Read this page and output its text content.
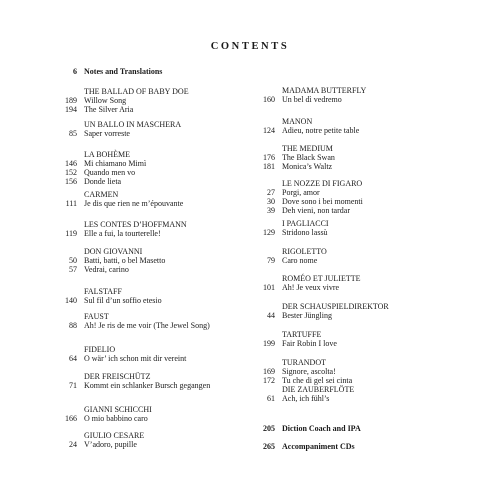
CONTENTS
6 Notes and Translations
THE BALLAD OF BABY DOE
189 Willow Song
194 The Silver Aria
UN BALLO IN MASCHERA
85 Saper vorreste
LA BOHÈME
146 Mi chiamano Mimì
152 Quando men vo
156 Donde lieta
CARMEN
111 Je dis que rien ne m’épouvante
LES CONTES D’HOFFMANN
119 Elle a fui, la tourterelle!
DON GIOVANNI
50 Batti, batti, o bel Masetto
57 Vedrai, carino
FALSTAFF
140 Sul fil d’un soffio etesio
FAUST
88 Ah! Je ris de me voir (The Jewel Song)
FIDELIO
64 O wär’ ich schon mit dir vereint
DER FREISCHÜTZ
71 Kommt ein schlanker Bursch gegangen
GIANNI SCHICCHI
166 O mio babbino caro
GIULIO CESARE
24 V’adoro, pupille
MADAMA BUTTERFLY
160 Un bel dì vedremo
MANON
124 Adieu, notre petite table
THE MEDIUM
176 The Black Swan
181 Monica’s Waltz
LE NOZZE DI FIGARO
27 Porgi, amor
30 Dove sono i bei momenti
39 Deh vieni, non tardar
I PAGLIACCI
129 Stridono lassù
RIGOLETTO
79 Caro nome
ROMÉO ET JULIETTE
101 Ah! Je veux vivre
DER SCHAUSPIELDIREKTOR
44 Bester Jüngling
TARTUFFE
199 Fair Robin I love
TURANDOT
169 Signore, ascolta!
172 Tu che di gel sei cinta
DIE ZAUBERFLÖTE
61 Ach, ich fühl’s
205 Diction Coach and IPA
265 Accompaniment CDs
